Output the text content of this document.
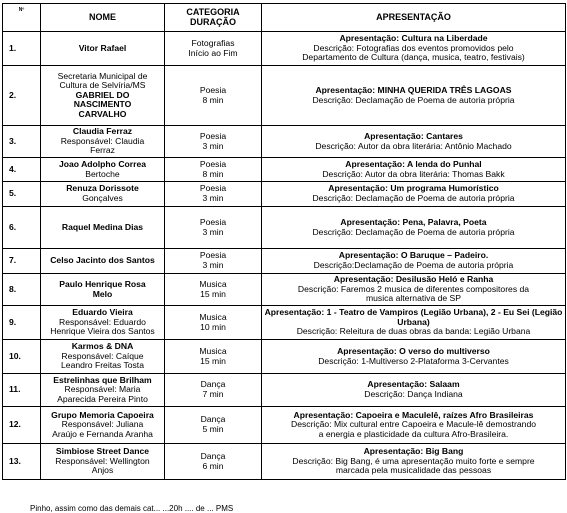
Nº	NOME	CATEGORIA
DURAÇÃO	APRESENTAÇÃO
1.	Vitor Rafael	Fotografias
Início ao Fim	Apresentação: Cultura na Liberdade
Descrição: Fotografias dos eventos promovidos pelo
Departamento de Cultura (dança, musica, teatro, festivais)

2.	Secretaria Municipal de
Cultura de Selvíria/MS
GABRIEL DO
NASCIMENTO
CARVALHO	Poesia
8 min	Apresentação: MINHA QUERIDA TRÊS LAGOAS
Descrição: Declamação de Poema de autoria própria

3.	Claudia Ferraz
Responsável: Claudia
Ferraz	Poesia
3 min	Apresentação: Cantares
Descrição: Autor da obra literária: Antônio Machado

4.	Joao Adolpho Correa
Bertoche	Poesia
8 min	Apresentação: A lenda do Punhal
Descrição: Autor da obra literária: Thomas Bakk

5.	Renuza Dorissote
Gonçalves	Poesia
3 min	Apresentação: Um programa Humorístico
Descrição: Declamação de Poema de autoria própria

6.	Raquel Medina Dias	Poesia
3 min	Apresentação: Pena, Palavra, Poeta
Descrição: Declamação de Poema de autoria própria

7.	Celso Jacinto dos Santos	Poesia
3 min	Apresentação: O Baruque – Padeiro.
Descrição:Declamação de Poema de autoria própria

8.	Paulo Henrique Rosa
Melo	Musica
15 min	Apresentação: Desilusão Heló e Ranha
Descrição: Faremos 2 musica de diferentes compositores da
musica alternativa de SP

9.	Eduardo Vieira
Responsável: Eduardo
Henrique Vieira dos Santos	Musica
10 min	Apresentação: 1 - Teatro de Vampiros (Legião Urbana), 2 - Eu Sei (Legião Urbana)
Descrição: Releitura de duas obras da banda: Legião Urbana

10.	Karmos & DNA
Responsável: Caíque
Leandro Freitas Tosta	Musica
15 min	Apresentação: O verso do multiverso
Descrição: 1-Multiverso 2-Plataforma 3-Cervantes

11.	Estrelinhas que Brilham
Responsável: Maria
Aparecida Pereira Pinto	Dança
7 min	Apresentação: Salaam
Descrição: Dança Indiana

12.	Grupo Memoria Capoeira
Responsável: Juliana
Araújo e Fernanda Aranha	Dança
5 min	Apresentação: Capoeira e Maculelê, raízes Afro Brasileiras
Descrição: Mix cultural entre Capoeira e Macule-lê demostrando
a energia e plasticidade da cultura Afro-Brasileira.

13.	Simbiose Street Dance
Responsável: Wellington
Anjos	Dança
6 min	Apresentação: Big Bang
Descrição: Big Bang, é uma apresentação muito forte e sempre
marcada pela musicalidade das pessoas
Pinho, assim como das demais cat... ...20h .... de ... PMS
